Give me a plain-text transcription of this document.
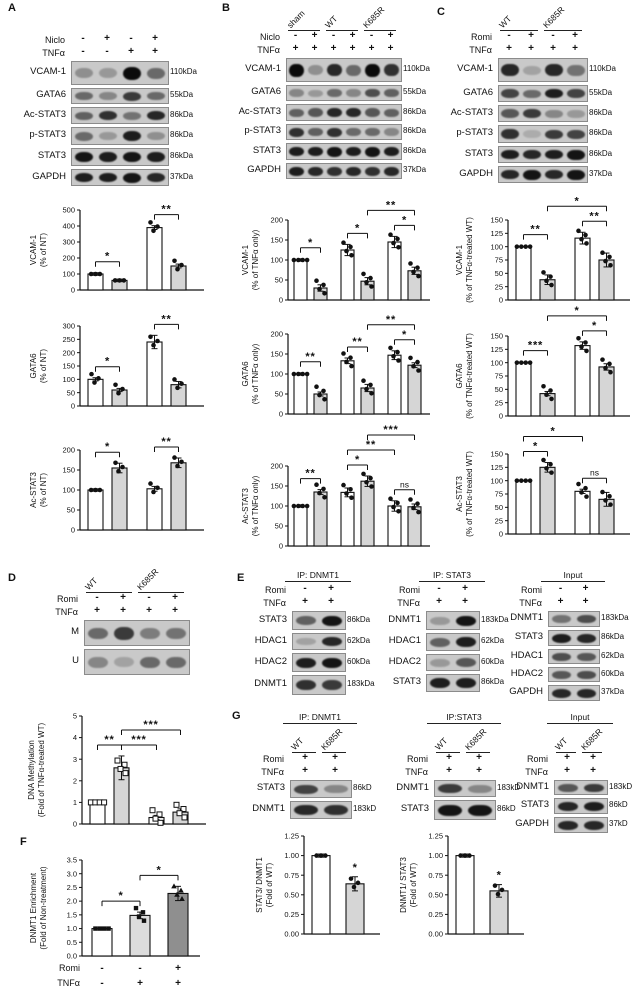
A	B	C
D	E
F
G
Niclo	-	+	-	+
TNFα	-	-	+	+
VCAM-1	110kDa
GATA6	55kDa
Ac-STAT3	86kDa
p-STAT3	86kDa
STAT3	86kDa
GAPDH	37kDa
sham WT	K685R
Niclo	-	+	-	+	-	+
TNFα	+	+	+	+	+	+
VCAM-1	110kDa
GATA6	55kDa
Ac-STAT3	86kDa
p-STAT3	86kDa
STAT3	86kDa
GAPDH	37kDa
WT	K685R
Romi	-	+	-	+
TNFα	+	+	+	+
VCAM-1	110kDa
GATA6	55kDa
Ac-STAT3	86kDa
p-STAT3	86kDa
STAT3	86kDa
GAPDH	37kDa
WT	K685R
Romi	-	+	-	+
TNFα	+	+	+	+
M
U
IP: DNMT1
Romi	-	+
TNFα	+	+
STAT3	86kDa
HDAC1	62kDa
HDAC2	60kDa
DNMT1	183kDa
IP: STAT3
Romi	-	+
TNFα	+	+
DNMT1	183kDa
HDAC1	62kDa
HDAC2	60kDa
STAT3	86kDa
Input
Romi	-	+
TNFα	+	+
DNMT1	183kDa
STAT3	86kDa
HDAC1	62kDa
HDAC2	60kDa
GAPDH	37kDa
IP: DNMT1
WT K685R
Romi	+	+
TNFα	+	+
STAT3	86kD
DNMT1	183kD
IP:STAT3
WT K685R
Romi	+	+
TNFα	+	+
DNMT1	183kD
STAT3	86kD
Input
WT K685R
Romi	+	+
TNFα	+	+
DNMT1	183kD
STAT3	86kD
GAPDH	37kD
0
100
200
300
400
500
VCAM-1 (% of NT)	*
**
0
50
100
150
200
250
300
GATA6 (% of NT)	*
**
0
50
100
150
200
Ac-STAT3 (% of NT)
*	**
0
50
100
150
200
VCAM-1 (% of TNFα only)	*
*
*
**
0
50
100
150
200
GATA6 (% of TNFα only)	**
**
*
**
0
50
100
150
200
Ac-STAT3 (% of TNFα only)
**
*
**
***
ns
0
25
50
75
100
125
150
VCAM-1 (% of TNFα-treated WT)	**
**
*
0
25
50
75
100
125
150
GATA6 (% of TNFα-treated WT)	***
*
*
0
25
50
75
100
125
150
Ac-STAT3 (% of TNFα-treated WT)
*
*
ns
0
1
2
3
4
5
DNA Methylation (Fold of TNFα-treated WT)	** ***
***
0.0
0.5
1.0
1.5
2.0
2.5
3.0
3.5
DNMT1 Enrichment (Fold of Non-treatment)	*
*
Romi -	-	+
TNFα -	+	+
0.00
0.25
0.50
0.75
1.00
1.25
STAT3/ DNMT1 (Fold of WT)	*
0.00
0.25
0.50
0.75
1.00
1.25
DNMT1/ STAT3 (Fold of WT)	*
